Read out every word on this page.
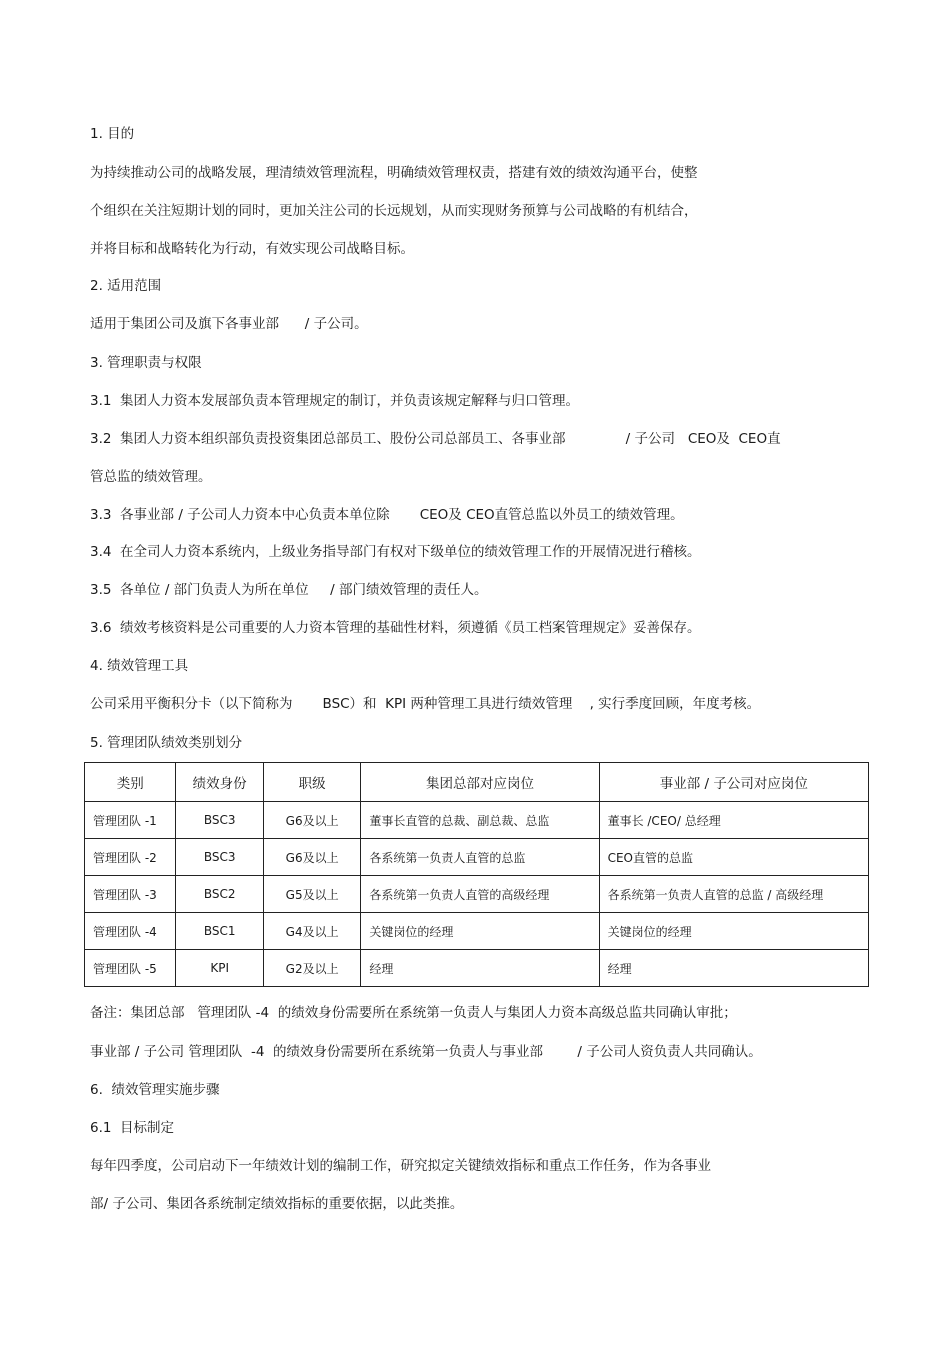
1. 目的
为持续推动公司的战略发展，理清绩效管理流程，明确绩效管理权责，搭建有效的绩效沟通平台，使整
个组织在关注短期计划的同时，更加关注公司的长远规划，从而实现财务预算与公司战略的有机结合，
并将目标和战略转化为行动，有效实现公司战略目标。
2. 适用范围
适用于集团公司及旗下各事业部      / 子公司。
3. 管理职责与权限
3.1  集团人力资本发展部负责本管理规定的制订，并负责该规定解释与归口管理。
3.2  集团人力资本组织部负责投资集团总部员工、股份公司总部员工、各事业部              / 子公司   CEO及  CEO直
管总监的绩效管理。
3.3  各事业部 / 子公司人力资本中心负责本单位除       CEO及 CEO直管总监以外员工的绩效管理。
3.4  在全司人力资本系统内，上级业务指导部门有权对下级单位的绩效管理工作的开展情况进行稽核。
3.5  各单位 / 部门负责人为所在单位     / 部门绩效管理的责任人。
3.6  绩效考核资料是公司重要的人力资本管理的基础性材料，须遵循《员工档案管理规定》妥善保存。
4. 绩效管理工具
公司采用平衡积分卡（以下简称为       BSC）和  KPI 两种管理工具进行绩效管理    , 实行季度回顾，年度考核。
5. 管理团队绩效类别划分
备注：集团总部   管理团队 -4  的绩效身份需要所在系统第一负责人与集团人力资本高级总监共同确认审批；
事业部 / 子公司 管理团队  -4  的绩效身份需要所在系统第一负责人与事业部        / 子公司人资负责人共同确认。
6.  绩效管理实施步骤
6.1  目标制定
每年四季度，公司启动下一年绩效计划的编制工作，研究拟定关键绩效指标和重点工作任务，作为各事业
部/ 子公司、集团各系统制定绩效指标的重要依据，以此类推。
类别	绩效身份	职级	集团总部对应岗位	事业部 / 子公司对应岗位
管理团队 -1	BSC3	G6及以上	董事长直管的总裁、副总裁、总监	董事长 /CEO/ 总经理
管理团队 -2	BSC3	G6及以上	各系统第一负责人直管的总监	CEO直管的总监
管理团队 -3	BSC2	G5及以上	各系统第一负责人直管的高级经理	各系统第一负责人直管的总监 / 高级经理
管理团队 -4	BSC1	G4及以上	关键岗位的经理	关键岗位的经理
管理团队 -5	KPI	G2及以上	经理	经理
